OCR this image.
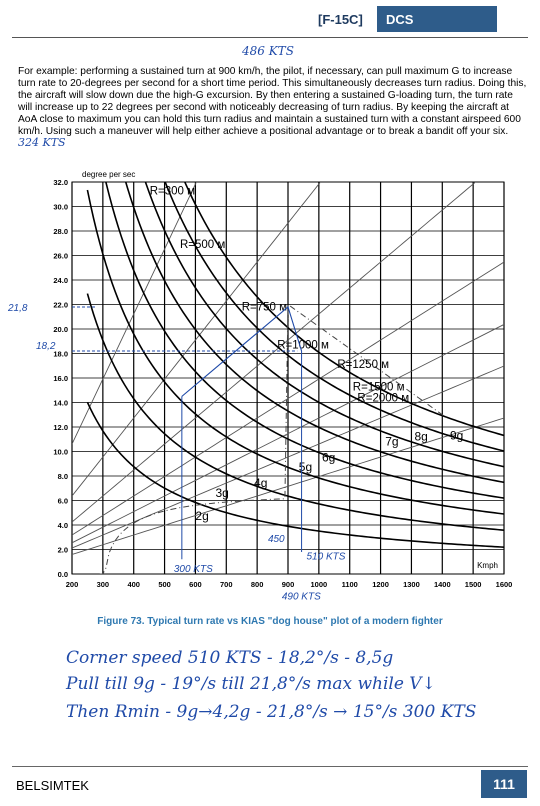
[F-15C] DCS
486 KTS
For example: performing a sustained turn at 900 km/h, the pilot, if necessary, can pull maximum G to increase turn rate to 20-degrees per second for a short time period. This simultaneously decreases turn radius. Doing this, the aircraft will slow down due the high-G excursion. By then entering a sustained G-loading turn, the turn rate will increase up to 22 degrees per second with noticeably decreasing of turn radius. By keeping the aircraft at AoA close to maximum you can hold this turn radius and maintain a sustained turn with a constant airspeed 600 km/h. Using such a maneuver will help either achieve a positional advantage or to break a bandit off your six. 324 KTS
0.0
2.0
4.0
6.0
8.0
10.0
12.0
14.0
16.0
18.0
20.0
22.0
24.0
26.0
28.0
30.0
32.0
200 300 400 500 600 700 800 900 1000 1100 1200 1300 1400 1500 1600
degree per sec
Kmph
R=300 м
R=500 м
R=750 м
R=1000 м
R=1250 м
R=1500 м
R=2000 м
2g
3g
4g
5g
6g
7g 8g 9g
21,8
18,2
300 KTS
450
510 KTS
490 KTS
Figure 73. Typical turn rate vs KIAS "dog house" plot of a modern fighter
Corner speed 510 KTS - 18,2°/s - 8,5g
Pull till 9g - 19°/s till 21,8°/s max while V↓
Then Rmin - 9g→4,2g - 21,8°/s → 15°/s 300 KTS
BELSIMTEK	111
